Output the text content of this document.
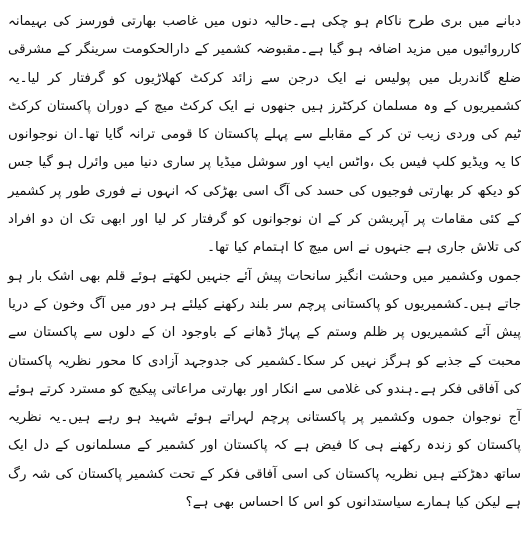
دبانے میں بری طرح ناکام ہو چکی ہے۔حالیہ دنوں میں غاصب بھارتی فورسز کی بہیمانہ کارروائیوں میں مزید اضافہ ہو گیا ہے۔مقبوضہ کشمیر کے دارالحکومت سرینگر کے مشرقی ضلع گاندربل میں پولیس نے ایک درجن سے زائد کرکٹ کھلاڑیوں کو گرفتار کر لیا۔یہ کشمیریوں کے وہ مسلمان کرکٹرز ہیں جنھوں نے ایک کرکٹ میچ کے دوران پاکستان کرکٹ ٹیم کی وردی زیب تن کر کے مقابلے سے پہلے پاکستان کا قومی ترانہ گایا تھا۔ان نوجوانوں کا یہ ویڈیو کلپ فیس بک ،واٹس ایپ اور سوشل میڈیا پر ساری دنیا میں وائرل ہو گیا جس کو دیکھ کر بھارتی فوجیوں کی حسد کی آگ اسی بھڑکی کہ انہوں نے فوری طور پر کشمیر کے کئی مقامات پر آپریشن کر کے ان نوجوانوں کو گرفتار کر لیا اور ابھی تک ان دو افراد کی تلاش جاری ہے جنہوں نے اس میچ کا اہتمام کیا تھا۔

جموں وکشمیر میں وحشت انگیز سانحات پیش آئے جنہیں لکھتے ہوئے قلم بھی اشک بار ہو جاتے ہیں۔کشمیریوں کو پاکستانی پرچم سر بلند رکھنے کیلئے ہر دور میں آگ وخون کے دریا پیش آئے کشمیریوں پر ظلم وستم کے پہاڑ ڈھانے کے باوجود ان کے دلوں سے پاکستان سے محبت کے جذبے کو ہرگز نہیں کر سکا۔کشمیر کی جدوجہد آزادی کا محور نظریہ پاکستان کی آفاقی فکر ہے۔ہندو کی غلامی سے انکار اور بھارتی مراعاتی پیکیج کو مسترد کرتے ہوئے آج نوجوان جموں وکشمیر پر پاکستانی پرچم لہراتے ہوئے شہید ہو رہے ہیں۔یہ نظریہ پاکستان کو زندہ رکھنے ہی کا فیض ہے کہ پاکستان اور کشمیر کے مسلمانوں کے دل ایک ساتھ دھڑکتے ہیں نظریہ پاکستان کی اسی آفاقی فکر کے تحت کشمیر پاکستان کی شہ رگ ہے لیکن کیا ہمارے سیاستدانوں کو اس کا احساس بھی ہے؟
